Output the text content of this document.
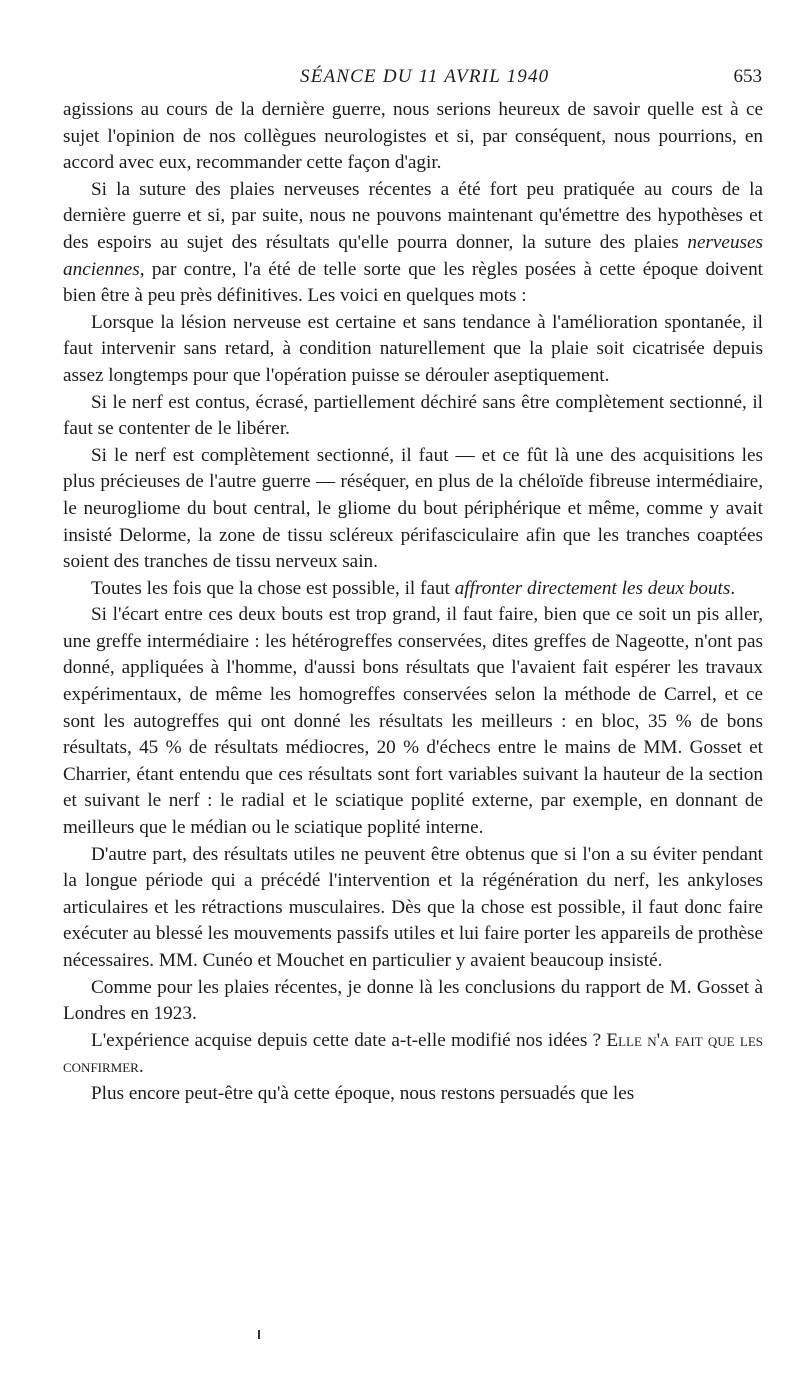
SÉANCE DU 11 AVRIL 1940	653

agissions au cours de la dernière guerre, nous serions heureux de savoir quelle est à ce sujet l'opinion de nos collègues neurologistes et si, par conséquent, nous pourrions, en accord avec eux, recommander cette façon d'agir.

Si la suture des plaies nerveuses récentes a été fort peu pratiquée au cours de la dernière guerre et si, par suite, nous ne pouvons maintenant qu'émettre des hypothèses et des espoirs au sujet des résultats qu'elle pourra donner, la suture des plaies nerveuses anciennes, par contre, l'a été de telle sorte que les règles posées à cette époque doivent bien être à peu près définitives. Les voici en quelques mots :

Lorsque la lésion nerveuse est certaine et sans tendance à l'amélioration spontanée, il faut intervenir sans retard, à condition naturellement que la plaie soit cicatrisée depuis assez longtemps pour que l'opération puisse se dérouler aseptiquement.

Si le nerf est contus, écrasé, partiellement déchiré sans être complètement sectionné, il faut se contenter de le libérer.

Si le nerf est complètement sectionné, il faut — et ce fût là une des acquisitions les plus précieuses de l'autre guerre — réséquer, en plus de la chéloïde fibreuse intermédiaire, le neurogliome du bout central, le gliome du bout périphérique et même, comme y avait insisté Delorme, la zone de tissu scléreux périfasciculaire afin que les tranches coaptées soient des tranches de tissu nerveux sain.

Toutes les fois que la chose est possible, il faut affronter directement les deux bouts.

Si l'écart entre ces deux bouts est trop grand, il faut faire, bien que ce soit un pis aller, une greffe intermédiaire : les hétérogreffes conservées, dites greffes de Nageotte, n'ont pas donné, appliquées à l'homme, d'aussi bons résultats que l'avaient fait espérer les travaux expérimentaux, de même les homogreffes conservées selon la méthode de Carrel, et ce sont les autogreffes qui ont donné les résultats les meilleurs : en bloc, 35 % de bons résultats, 45 % de résultats médiocres, 20 % d'échecs entre le mains de MM. Gosset et Charrier, étant entendu que ces résultats sont fort variables suivant la hauteur de la section et suivant le nerf : le radial et le sciatique poplité externe, par exemple, en donnant de meilleurs que le médian ou le sciatique poplité interne.

D'autre part, des résultats utiles ne peuvent être obtenus que si l'on a su éviter pendant la longue période qui a précédé l'intervention et la régénération du nerf, les ankyloses articulaires et les rétractions musculaires. Dès que la chose est possible, il faut donc faire exécuter au blessé les mouvements passifs utiles et lui faire porter les appareils de prothèse nécessaires. MM. Cunéo et Mouchet en particulier y avaient beaucoup insisté.

Comme pour les plaies récentes, je donne là les conclusions du rapport de M. Gosset à Londres en 1923.

L'expérience acquise depuis cette date a-t-elle modifié nos idées ? Elle n'a fait que les confirmer.

Plus encore peut-être qu'à cette époque, nous restons persuadés que les
